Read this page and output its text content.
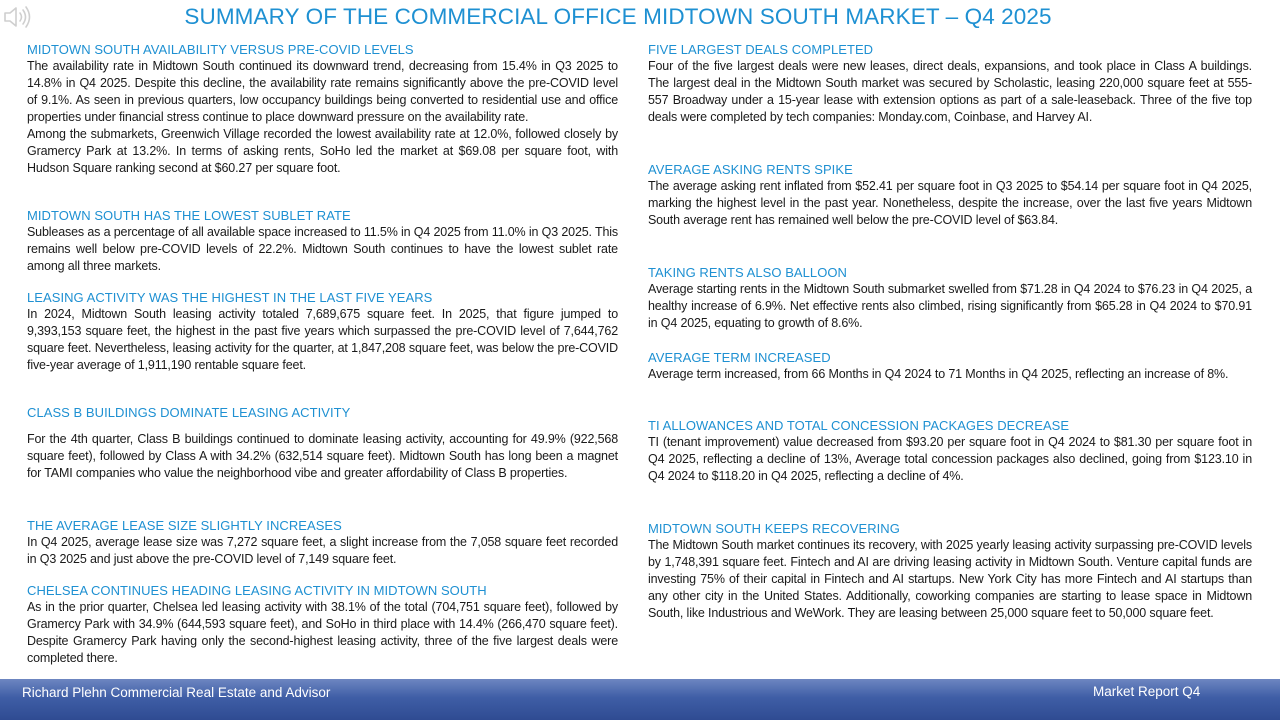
SUMMARY OF THE COMMERCIAL OFFICE MIDTOWN SOUTH MARKET – Q4 2025
MIDTOWN SOUTH AVAILABILITY VERSUS PRE-COVID LEVELS

The availability rate in Midtown South continued its downward trend, decreasing from 15.4% in Q3 2025 to 14.8% in Q4 2025. Despite this decline, the availability rate remains significantly above the pre-COVID level of 9.1%. As seen in previous quarters, low occupancy buildings being converted to residential use and office properties under financial stress continue to place downward pressure on the availability rate.

Among the submarkets, Greenwich Village recorded the lowest availability rate at 12.0%, followed closely by Gramercy Park at 13.2%. In terms of asking rents, SoHo led the market at $69.08 per square foot, with Hudson Square ranking second at $60.27 per square foot.

MIDTOWN SOUTH HAS THE LOWEST SUBLET RATE

Subleases as a percentage of all available space increased to 11.5% in Q4 2025 from 11.0% in Q3 2025. This remains well below pre-COVID levels of 22.2%. Midtown South continues to have the lowest sublet rate among all three markets.

LEASING ACTIVITY WAS THE HIGHEST IN THE LAST FIVE YEARS

In 2024, Midtown South leasing activity totaled 7,689,675 square feet. In 2025, that figure jumped to 9,393,153 square feet, the highest in the past five years which surpassed the pre-COVID level of 7,644,762 square feet. Nevertheless, leasing activity for the quarter, at 1,847,208 square feet, was below the pre-COVID five-year average of 1,911,190 rentable square feet.

CLASS B BUILDINGS DOMINATE LEASING ACTIVITY

For the 4th quarter, Class B buildings continued to dominate leasing activity, accounting for 49.9% (922,568 square feet), followed by Class A with 34.2% (632,514 square feet). Midtown South has long been a magnet for TAMI companies who value the neighborhood vibe and greater affordability of Class B properties.

THE AVERAGE LEASE SIZE SLIGHTLY INCREASES

In Q4 2025, average lease size was 7,272 square feet, a slight increase from the 7,058 square feet recorded in Q3 2025 and just above the pre-COVID level of 7,149 square feet.

CHELSEA CONTINUES HEADING LEASING ACTIVITY IN MIDTOWN SOUTH

As in the prior quarter, Chelsea led leasing activity with 38.1% of the total (704,751 square feet), followed by Gramercy Park with 34.9% (644,593 square feet), and SoHo in third place with 14.4% (266,470 square feet). Despite Gramercy Park having only the second-highest leasing activity, three of the five largest deals were completed there.

FIVE LARGEST DEALS COMPLETED

Four of the five largest deals were new leases, direct deals, expansions, and took place in Class A buildings. The largest deal in the Midtown South market was secured by Scholastic, leasing 220,000 square feet at 555-557 Broadway under a 15-year lease with extension options as part of a sale-leaseback. Three of the five top deals were completed by tech companies: Monday.com, Coinbase, and Harvey AI.

AVERAGE ASKING RENTS SPIKE

The average asking rent inflated from $52.41 per square foot in Q3 2025 to $54.14 per square foot in Q4 2025, marking the highest level in the past year. Nonetheless, despite the increase, over the last five years Midtown South average rent has remained well below the pre-COVID level of $63.84.

TAKING RENTS ALSO BALLOON

Average starting rents in the Midtown South submarket swelled from $71.28 in Q4 2024 to $76.23 in Q4 2025, a healthy increase of 6.9%. Net effective rents also climbed, rising significantly from $65.28 in Q4 2024 to $70.91 in Q4 2025, equating to growth of 8.6%.

AVERAGE TERM INCREASED

Average term increased, from 66 Months in Q4 2024 to 71 Months in Q4 2025, reflecting an increase of 8%.

TI ALLOWANCES AND TOTAL CONCESSION PACKAGES DECREASE

TI (tenant improvement) value decreased from $93.20 per square foot in Q4 2024 to $81.30 per square foot in Q4 2025, reflecting a decline of 13%, Average total concession packages also declined, going from $123.10 in Q4 2024 to $118.20 in Q4 2025, reflecting a decline of 4%.

MIDTOWN SOUTH KEEPS RECOVERING

The Midtown South market continues its recovery, with 2025 yearly leasing activity surpassing pre-COVID levels by 1,748,391 square feet. Fintech and AI are driving leasing activity in Midtown South. Venture capital funds are investing 75% of their capital in Fintech and AI startups. New York City has more Fintech and AI startups than any other city in the United States. Additionally, coworking companies are starting to lease space in Midtown South, like Industrious and WeWork. They are leasing between 25,000 square feet to 50,000 square feet.

Richard Plehn Commercial Real Estate and Advisor	Market Report Q4
